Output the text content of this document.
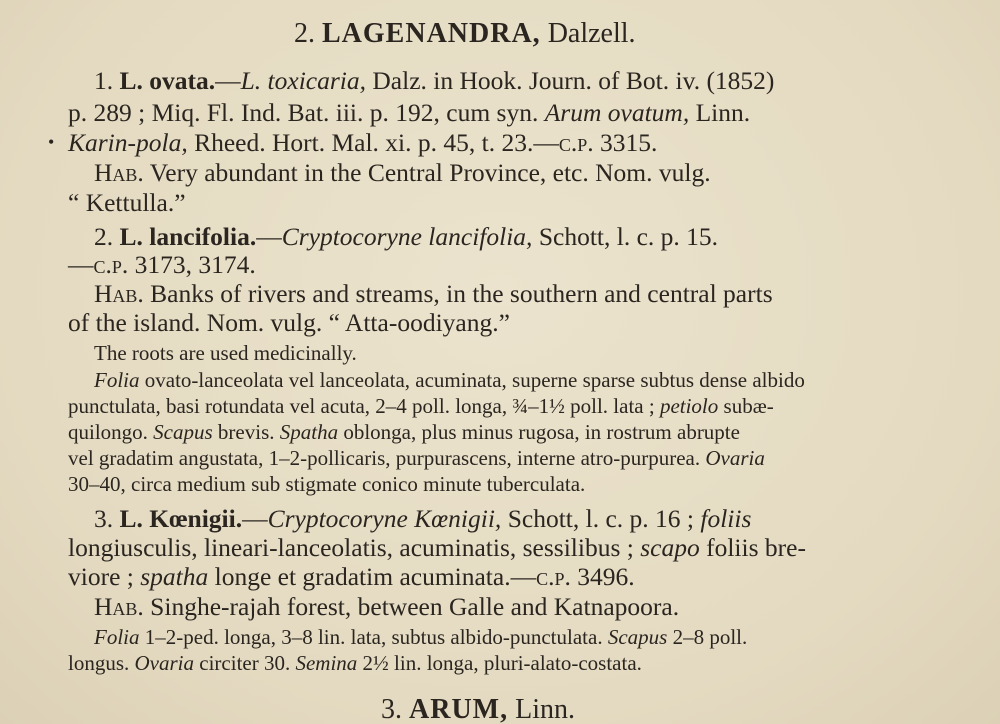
2. LAGENANDRA, Dalzell.
1. L. ovata.—L. toxicaria, Dalz. in Hook. Journ. of Bot. iv. (1852)
p. 289 ; Miq. Fl. Ind. Bat. iii. p. 192, cum syn. Arum ovatum, Linn.
• Karin-pola, Rheed. Hort. Mal. xi. p. 45, t. 23.—c.p. 3315.
Hab. Very abundant in the Central Province, etc. Nom. vulg.
“ Kettulla.”
2. L. lancifolia.—Cryptocoryne lancifolia, Schott, l. c. p. 15.
—c.p. 3173, 3174.
Hab. Banks of rivers and streams, in the southern and central parts
of the island. Nom. vulg. “ Atta-oodiyang.”
The roots are used medicinally.
Folia ovato-lanceolata vel lanceolata, acuminata, superne sparse subtus dense albido
punctulata, basi rotundata vel acuta, 2–4 poll. longa, ¾–1½ poll. lata ; petiolo subæ-
quilongo. Scapus brevis. Spatha oblonga, plus minus rugosa, in rostrum abrupte
vel gradatim angustata, 1–2-pollicaris, purpurascens, interne atro-purpurea. Ovaria
30–40, circa medium sub stigmate conico minute tuberculata.
3. L. Kœnigii.—Cryptocoryne Kœnigii, Schott, l. c. p. 16 ; foliis
longiusculis, lineari-lanceolatis, acuminatis, sessilibus ; scapo foliis bre-
viore ; spatha longe et gradatim acuminata.—c.p. 3496.
Hab. Singhe-rajah forest, between Galle and Katnapoora.
Folia 1–2-ped. longa, 3–8 lin. lata, subtus albido-punctulata. Scapus 2–8 poll.
longus. Ovaria circiter 30. Semina 2½ lin. longa, pluri-alato-costata.
3. ARUM, Linn.
